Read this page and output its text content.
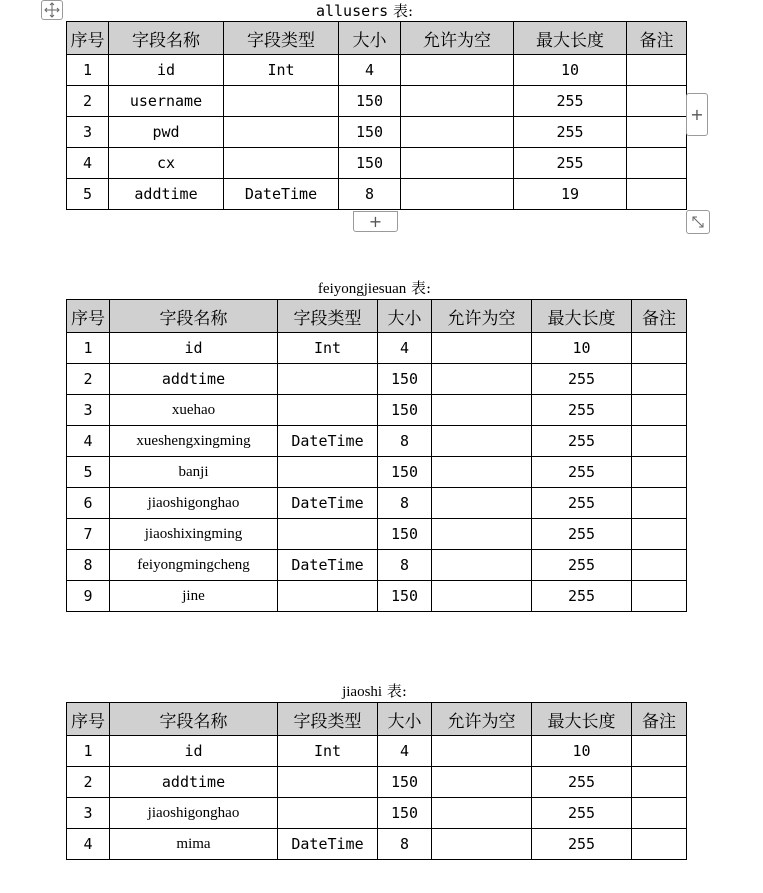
allusers 表:
序号	字段名称	字段类型	大小	允许为空	最大长度	备注
1	id	Int	4		10	
2	username		150		255	
3	pwd		150		255	
4	cx		150		255	
5	addtime	DateTime	8		19	
+
+
feiyongjiesuan 表:
序号	字段名称	字段类型	大小	允许为空	最大长度	备注
1	id	Int	4		10	
2	addtime		150		255	
3	xuehao		150		255	
4	xueshengxingming	DateTime	8		255	
5	banji		150		255	
6	jiaoshigonghao	DateTime	8		255	
7	jiaoshixingming		150		255	
8	feiyongmingcheng	DateTime	8		255	
9	jine		150		255	
jiaoshi 表:
序号	字段名称	字段类型	大小	允许为空	最大长度	备注
1	id	Int	4		10	
2	addtime		150		255	
3	jiaoshigonghao		150		255	
4	mima	DateTime	8		255	
